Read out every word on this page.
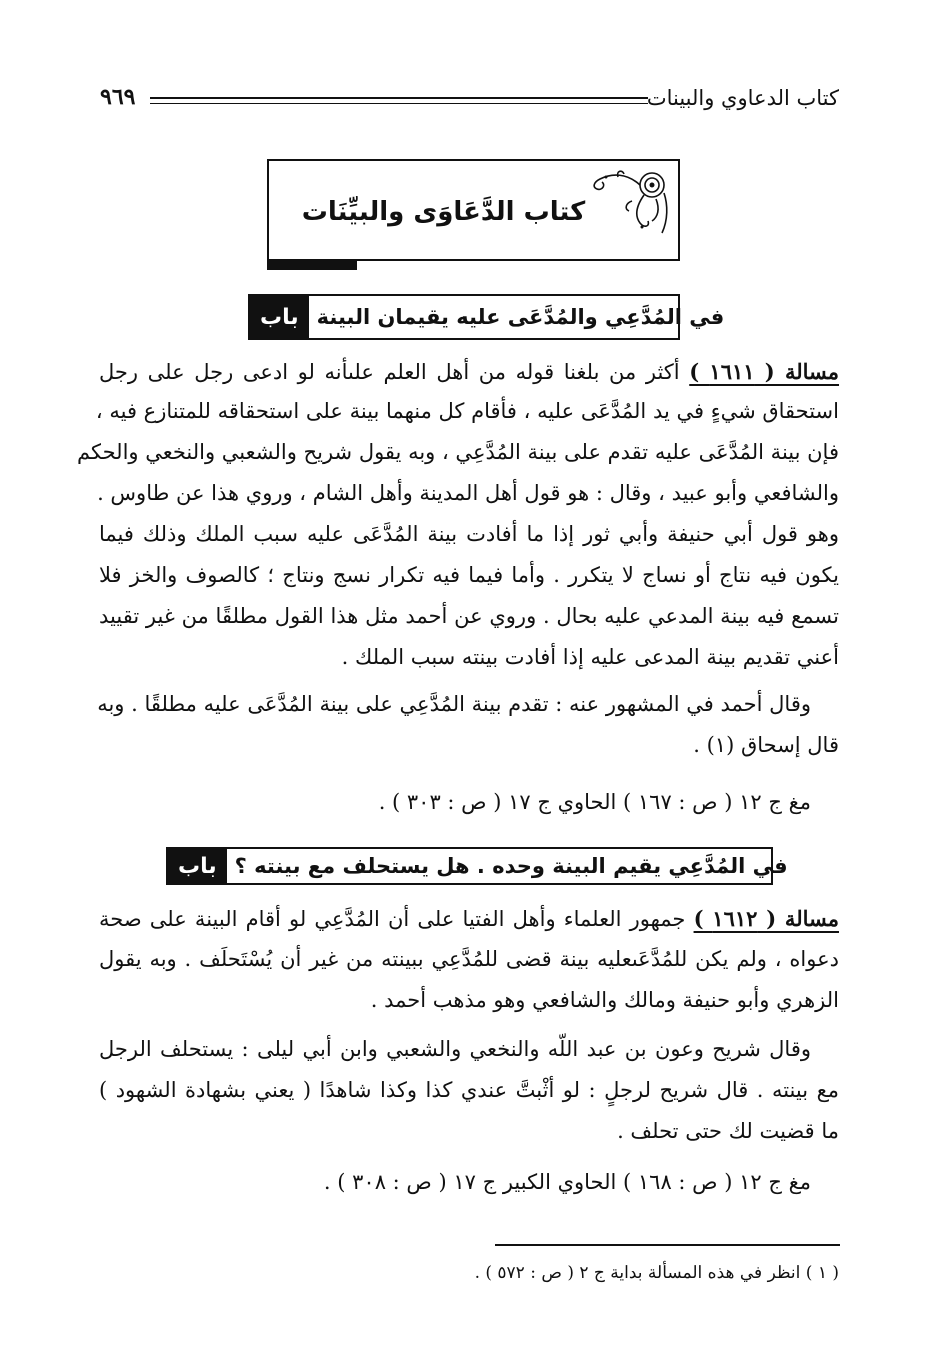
كتاب الدعاوي والبينات
٩٦٩
كتاب الدَّعَاوَى والبيِّنَات
باب في المُدَّعِي والمُدَّعَى عليه يقيمان البينة
مسالة ( ١٦١١ ) أكثر من بلغنا قوله من أهل العلم علىأنه لو ادعى رجل على رجل
استحقاق شيءٍ في يد المُدَّعَى عليه ، فأقام كل منهما بينة على استحقاقه للمتنازع فيه ،
فإن بينة المُدَّعَى عليه تقدم على بينة المُدَّعِي ، وبه يقول شريح والشعبي والنخعي والحكم
والشافعي وأبو عبيد ، وقال : هو قول أهل المدينة وأهل الشام ، وروي هذا عن طاوس .
وهو قول أبي حنيفة وأبي ثور إذا ما أفادت بينة المُدَّعَى عليه سبب الملك وذلك فيما
يكون فيه نتاج أو نساج لا يتكرر . وأما فيما فيه تكرار نسج ونتاج ؛ كالصوف والخز فلا
تسمع فيه بينة المدعي عليه بحال . وروي عن أحمد مثل هذا القول مطلقًا من غير تقييد
أعني تقديم بينة المدعى عليه إذا أفادت بينته سبب الملك .
وقال أحمد في المشهور عنه : تقدم بينة المُدَّعِي على بينة المُدَّعَى عليه مطلقًا . وبه
قال إسحاق (١) .
مغ ج ١٢ ( ص : ١٦٧ ) الحاوي ج ١٧ ( ص : ٣٠٣ ) .
باب في المُدَّعِي يقيم البينة وحده . هل يستحلف مع بينته ؟
مسالة ( ١٦١٢ ) جمهور العلماء وأهل الفتيا على أن المُدَّعِي لو أقام البينة على صحة
دعواه ، ولم يكن للمُدَّعَىعليه بينة قضى للمُدَّعِي ببينته من غير أن يُسْتَحلَف . وبه يقول
الزهري وأبو حنيفة ومالك والشافعي وهو مذهب أحمد .
وقال شريح وعون بن عبد اللّه والنخعي والشعبي وابن أبي ليلى : يستحلف الرجل
مع بينته . قال شريح لرجلٍ : لو أثْبتَّ عندي كذا وكذا شاهدًا ( يعني بشهادة الشهود )
ما قضيت لك حتى تحلف .
مغ ج ١٢ ( ص : ١٦٨ ) الحاوي الكبير ج ١٧ ( ص : ٣٠٨ ) .
( ١ ) انظر في هذه المسألة بداية ج ٢ ( ص : ٥٧٢ ) .
